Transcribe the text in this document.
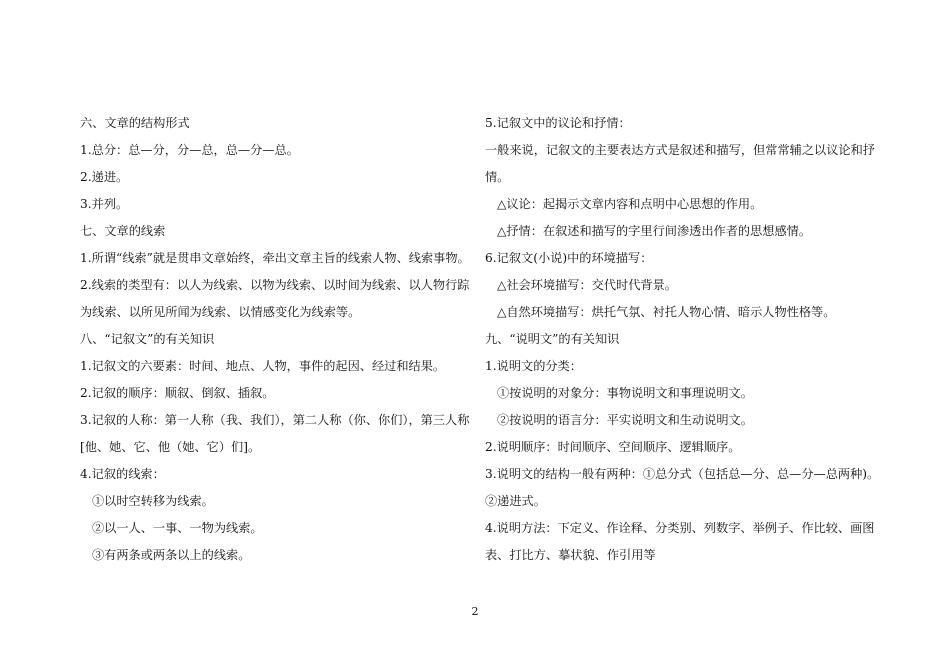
六、文章的结构形式
1.总分：总—分，分—总，总—分—总。
2.递进。
3.并列。
七、文章的线索
1.所谓“线索”就是贯串文章始终，牵出文章主旨的线索人物、线索事物。
2.线索的类型有：以人为线索、以物为线索、以时间为线索、以人物行踪
为线索、以所见所闻为线索、以情感变化为线索等。
八、“记叙文”的有关知识
1.记叙文的六要素：时间、地点、人物，事件的起因、经过和结果。
2.记叙的顺序：顺叙、倒叙、插叙。
3.记叙的人称：第一人称（我、我们），第二人称（你、你们），第三人称
[他、她、它、他（她、它）们]。
4.记叙的线索：
①以时空转移为线索。
②以一人、一事、一物为线索。
③有两条或两条以上的线索。
5.记叙文中的议论和抒情：
一般来说，记叙文的主要表达方式是叙述和描写，但常常辅之以议论和抒
情。
△议论：起揭示文章内容和点明中心思想的作用。
△抒情：在叙述和描写的字里行间渗透出作者的思想感情。
6.记叙文(小说)中的环境描写：
△社会环境描写：交代时代背景。
△自然环境描写：烘托气氛、衬托人物心情、暗示人物性格等。
九、“说明文”的有关知识
1.说明文的分类：
①按说明的对象分：事物说明文和事理说明文。
②按说明的语言分：平实说明文和生动说明文。
2.说明顺序：时间顺序、空间顺序、逻辑顺序。
3.说明文的结构一般有两种：①总分式（包括总—分、总—分—总两种)。
②递进式。
4.说明方法：下定义、作诠释、分类别、列数字、举例子、作比较、画图
表、打比方、摹状貌、作引用等
2
